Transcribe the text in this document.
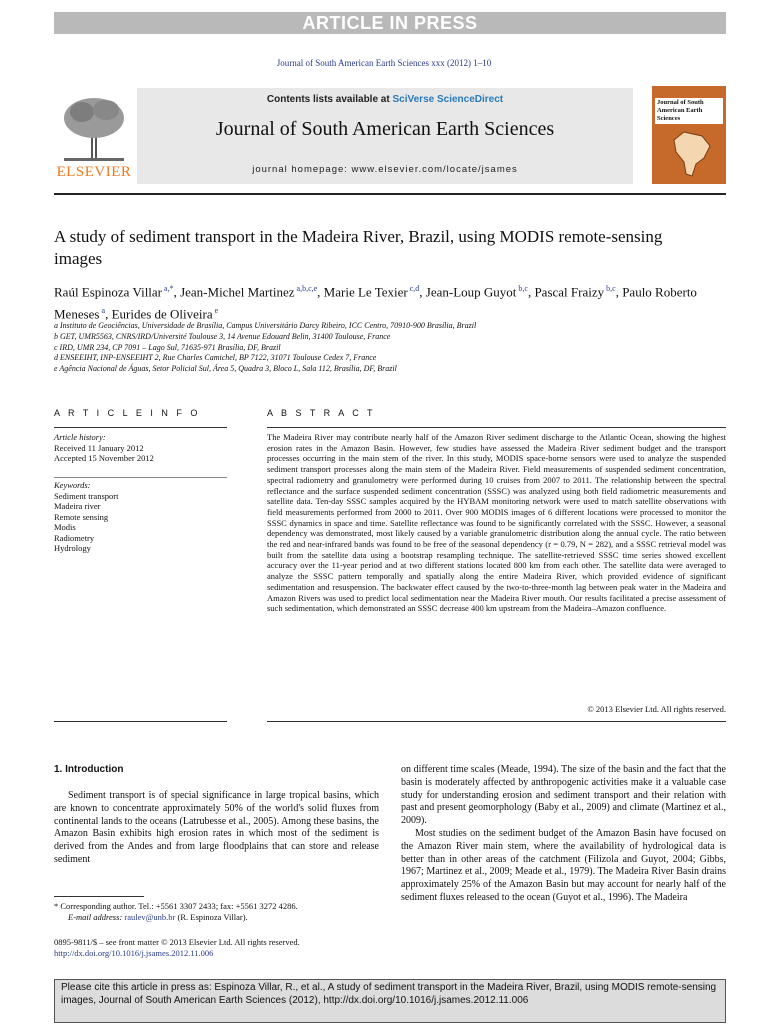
ARTICLE IN PRESS
Journal of South American Earth Sciences xxx (2012) 1–10
ELSEVIER
Contents lists available at SciVerse ScienceDirect
Journal of South American Earth Sciences
journal homepage: www.elsevier.com/locate/jsames
Journal of South American Earth Sciences
A study of sediment transport in the Madeira River, Brazil, using MODIS remote-sensing images
Raúl Espinoza Villar $^{a,*}$, Jean-Michel Martinez $^{a,b,c,e}$, Marie Le Texier $^{c,d}$, Jean-Loup Guyot $^{b,c}$, Pascal Fraizy $^{b,c}$, Paulo Roberto Meneses $^a$, Eurides de Oliveira $^e$
a Instituto de Geociências, Universidade de Brasília, Campus Universitário Darcy Ribeiro, ICC Centro, 70910-900 Brasília, Brazil
b GET, UMR5563, CNRS/IRD/Université Toulouse 3, 14 Avenue Edouard Belin, 31400 Toulouse, France
c IRD, UMR 234, CP 7091 – Lago Sul, 71635-971 Brasília, DF, Brazil
d ENSEEIHT, INP-ENSEEIHT 2, Rue Charles Camichel, BP 7122, 31071 Toulouse Cedex 7, France
e Agência Nacional de Águas, Setor Policial Sul, Área 5, Quadra 3, Bloco L, Sala 112, Brasília, DF, Brazil
A R T I C L E I N F O	A B S T R A C T
Article history:
Received 11 January 2012
Accepted 15 November 2012
Keywords:
Sediment transport
Madeira river
Remote sensing
Modis
Radiometry
Hydrology
The Madeira River may contribute nearly half of the Amazon River sediment discharge to the Atlantic Ocean, showing the highest erosion rates in the Amazon Basin. However, few studies have assessed the Madeira River sediment budget and the transport processes occurring in the main stem of the river. In this study, MODIS space-borne sensors were used to analyze the suspended sediment transport processes along the main stem of the Madeira River. Field measurements of suspended sediment concentration, spectral radiometry and granulometry were performed during 10 cruises from 2007 to 2011. The relationship between the spectral reflectance and the surface suspended sediment concentration (SSSC) was analyzed using both field radiometric measurements and satellite data. Ten-day SSSC samples acquired by the HYBAM monitoring network were used to match satellite observations with field measurements performed from 2000 to 2011. Over 900 MODIS images of 6 different locations were processed to monitor the SSSC dynamics in space and time. Satellite reflectance was found to be significantly correlated with the SSSC. However, a seasonal dependency was demonstrated, most likely caused by a variable granulometric distribution along the annual cycle. The ratio between the red and near-infrared bands was found to be free of the seasonal dependency (r = 0.79, N = 282), and a SSSC retrieval model was built from the satellite data using a bootstrap resampling technique. The satellite-retrieved SSSC time series showed excellent accuracy over the 11-year period and at two different stations located 800 km from each other. The satellite data were averaged to analyze the SSSC pattern temporally and spatially along the entire Madeira River, which provided evidence of significant sedimentation and resuspension. The backwater effect caused by the two-to-three-month lag between peak water in the Madeira and Amazon Rivers was used to predict local sedimentation near the Madeira River mouth. Our results facilitated a precise assessment of such sedimentation, which demonstrated an SSSC decrease 400 km upstream from the Madeira–Amazon confluence.
© 2013 Elsevier Ltd. All rights reserved.
1. Introduction
Sediment transport is of special significance in large tropical basins, which are known to concentrate approximately 50% of the world's solid fluxes from continental lands to the oceans (Latrubesse et al., 2005). Among these basins, the Amazon Basin exhibits high erosion rates in which most of the sediment is derived from the Andes and from large floodplains that can store and release sediment

on different time scales (Meade, 1994). The size of the basin and the fact that the basin is moderately affected by anthropogenic activities make it a valuable case study for understanding erosion and sediment transport and their relation with past and present geomorphology (Baby et al., 2009) and climate (Martinez et al., 2009).

Most studies on the sediment budget of the Amazon Basin have focused on the Amazon River main stem, where the availability of hydrological data is better than in other areas of the catchment (Filizola and Guyot, 2004; Gibbs, 1967; Martinez et al., 2009; Meade et al., 1979). The Madeira River Basin drains approximately 25% of the Amazon Basin but may account for nearly half of the sediment fluxes released to the ocean (Guyot et al., 1996). The Madeira

* Corresponding author. Tel.: +5561 3307 2433; fax: +5561 3272 4286.
E-mail address: raulev@unb.br (R. Espinoza Villar).
0895-9811/$ – see front matter © 2013 Elsevier Ltd. All rights reserved.
http://dx.doi.org/10.1016/j.jsames.2012.11.006
Please cite this article in press as: Espinoza Villar, R., et al., A study of sediment transport in the Madeira River, Brazil, using MODIS remote-sensing images, Journal of South American Earth Sciences (2012), http://dx.doi.org/10.1016/j.jsames.2012.11.006
